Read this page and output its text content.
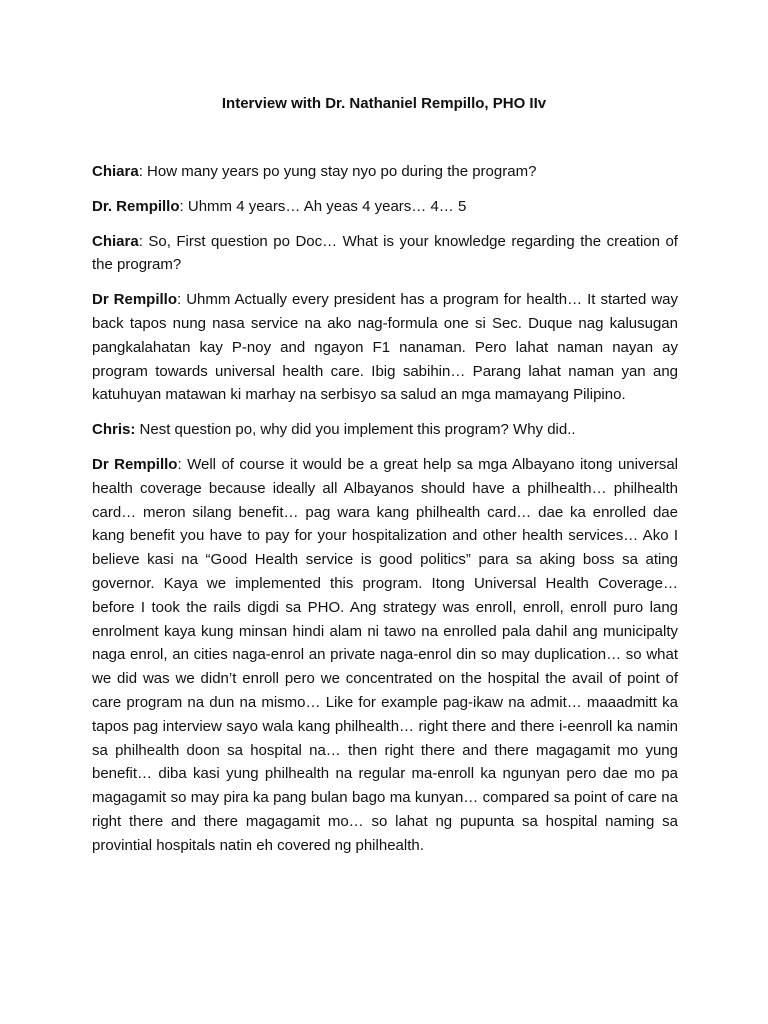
Interview with Dr. Nathaniel Rempillo, PHO IIv

Chiara: How many years po yung stay nyo po during the program?

Dr. Rempillo: Uhmm 4 years… Ah yeas 4 years… 4… 5

Chiara: So, First question po Doc… What is your knowledge regarding the creation of the program?

Dr Rempillo: Uhmm Actually every president has a program for health… It started way back tapos nung nasa service na ako nag-formula one si Sec. Duque nag kalusugan pangkalahatan kay P-noy and ngayon F1 nanaman. Pero lahat naman nayan ay program towards universal health care. Ibig sabihin… Parang lahat naman yan ang katuhuyan matawan ki marhay na serbisyo sa salud an mga mamayang Pilipino.

Chris: Nest question po, why did you implement this program? Why did..

Dr Rempillo: Well of course it would be a great help sa mga Albayano itong universal health coverage because ideally all Albayanos should have a philhealth… philhealth card… meron silang benefit… pag wara kang philhealth card… dae ka enrolled dae kang benefit you have to pay for your hospitalization and other health services… Ako I believe kasi na “Good Health service is good politics” para sa aking boss sa ating governor. Kaya we implemented this program. Itong Universal Health Coverage… before I took the rails digdi sa PHO. Ang strategy was enroll, enroll, enroll puro lang enrolment kaya kung minsan hindi alam ni tawo na enrolled pala dahil ang municipalty naga enrol, an cities naga-enrol an private naga-enrol din so may duplication… so what we did was we didn’t enroll pero we concentrated on the hospital the avail of point of care program na dun na mismo… Like for example pag-ikaw na admit… maaadmitt ka tapos pag interview sayo wala kang philhealth… right there and there i-eenroll ka namin sa philhealth doon sa hospital na… then right there and there magagamit mo yung benefit… diba kasi yung philhealth na regular ma-enroll ka ngunyan pero dae mo pa magagamit so may pira ka pang bulan bago ma kunyan… compared sa point of care na right there and there magagamit mo… so lahat ng pupunta sa hospital naming sa provintial hospitals natin eh covered ng philhealth.
